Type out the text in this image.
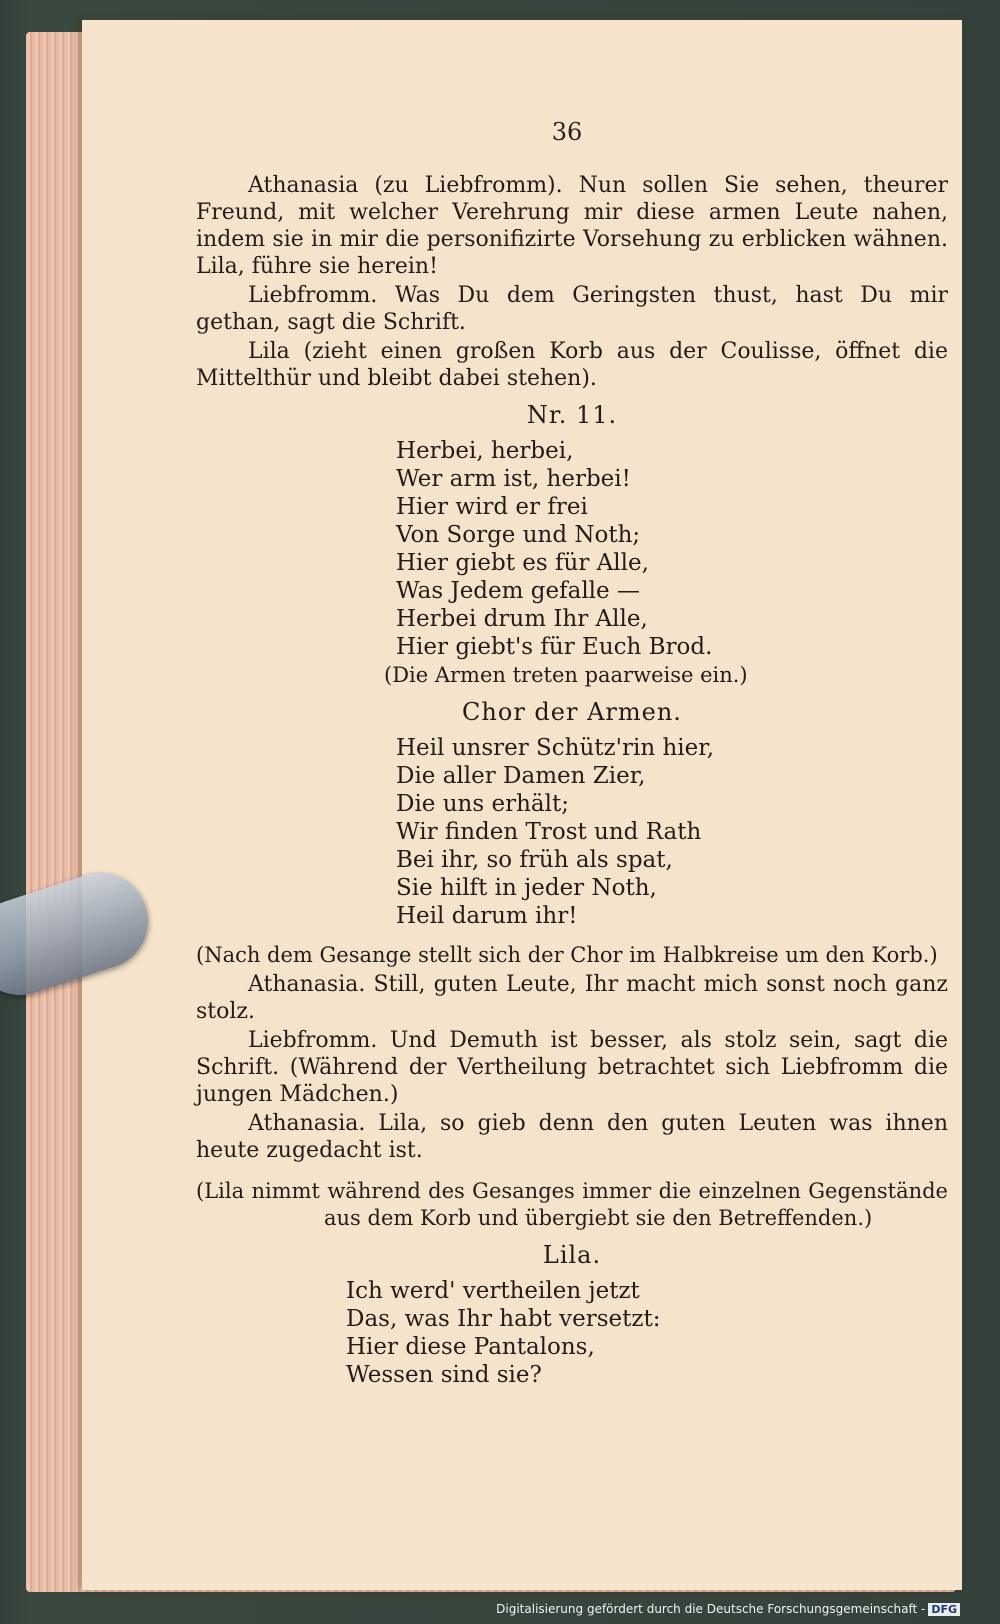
36

Athanasia (zu Liebfromm). Nun sollen Sie sehen, theurer Freund, mit welcher Verehrung mir diese armen Leute nahen, indem sie in mir die personifizirte Vorsehung zu erblicken wähnen. Lila, führe sie herein!

Liebfromm. Was Du dem Geringsten thust, hast Du mir gethan, sagt die Schrift.

Lila (zieht einen großen Korb aus der Coulisse, öffnet die Mittelthür und bleibt dabei stehen).

Nr. 11.
Herbei, herbei,
Wer arm ist, herbei!
Hier wird er frei
Von Sorge und Noth;
Hier giebt es für Alle,
Was Jedem gefalle —
Herbei drum Ihr Alle,
Hier giebt's für Euch Brod.
(Die Armen treten paarweise ein.)
Chor der Armen.
Heil unsrer Schütz'rin hier,
Die aller Damen Zier,
Die uns erhält;
Wir finden Trost und Rath
Bei ihr, so früh als spat,
Sie hilft in jeder Noth,
Heil darum ihr!

(Nach dem Gesange stellt sich der Chor im Halbkreise um den Korb.)

Athanasia. Still, guten Leute, Ihr macht mich sonst noch ganz stolz.

Liebfromm. Und Demuth ist besser, als stolz sein, sagt die Schrift. (Während der Vertheilung betrachtet sich Liebfromm die jungen Mädchen.)

Athanasia. Lila, so gieb denn den guten Leuten was ihnen heute zugedacht ist.

(Lila nimmt während des Gesanges immer die einzelnen Gegenstände aus dem Korb und übergiebt sie den Betreffenden.)

Lila.
Ich werd' vertheilen jetzt
Das, was Ihr habt versetzt:
Hier diese Pantalons,
Wessen sind sie?
Digitalisierung gefördert durch die Deutsche Forschungsgemeinschaft - DFG
